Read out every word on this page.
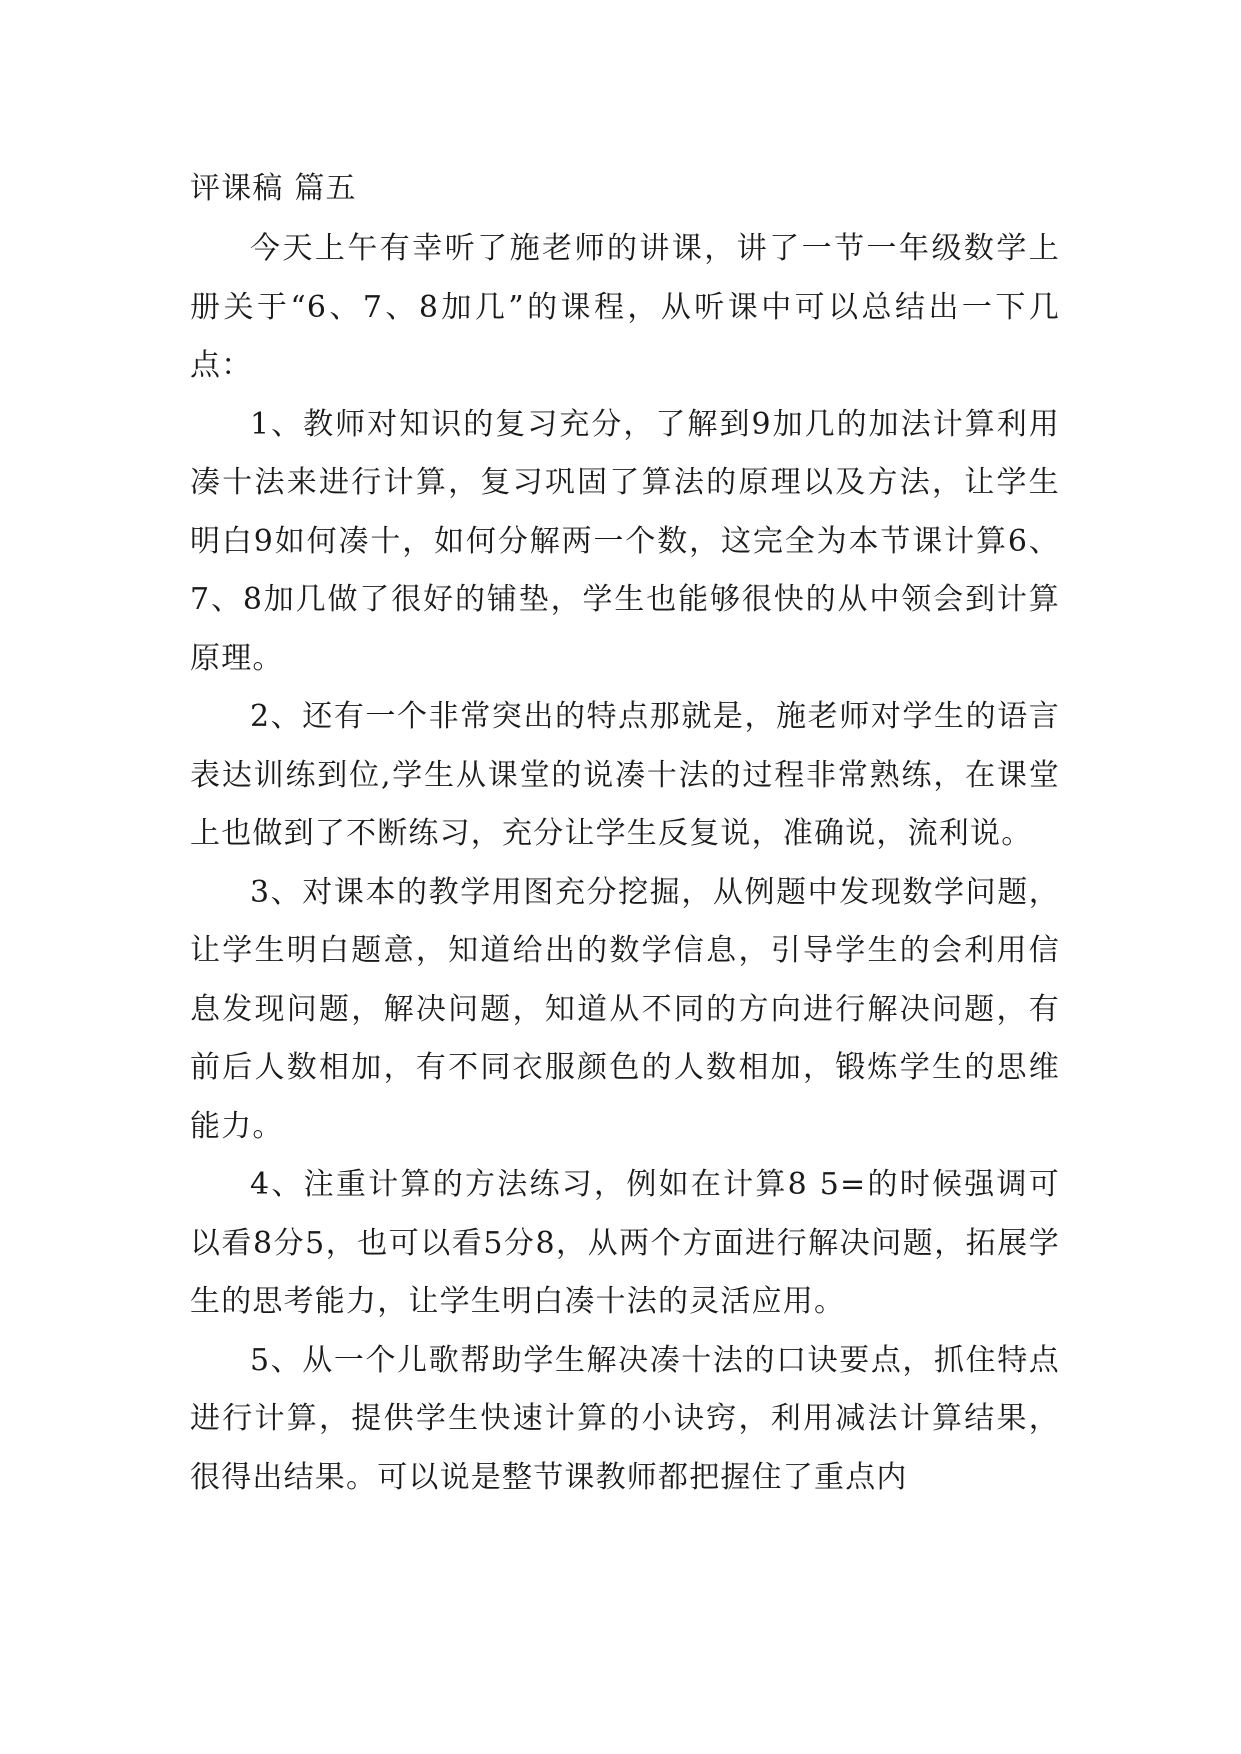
评课稿 篇五

今天上午有幸听了施老师的讲课，讲了一节一年级数学上册关于“6、7、8加几”的课程，从听课中可以总结出一下几点：

1、教师对知识的复习充分，了解到9加几的加法计算利用凑十法来进行计算，复习巩固了算法的原理以及方法，让学生明白9如何凑十，如何分解两一个数，这完全为本节课计算6、7、8加几做了很好的铺垫，学生也能够很快的从中领会到计算原理。

2、还有一个非常突出的特点那就是，施老师对学生的语言表达训练到位,学生从课堂的说凑十法的过程非常熟练，在课堂上也做到了不断练习，充分让学生反复说，准确说，流利说。

3、对课本的教学用图充分挖掘，从例题中发现数学问题，让学生明白题意，知道给出的数学信息，引导学生的会利用信息发现问题，解决问题，知道从不同的方向进行解决问题，有前后人数相加，有不同衣服颜色的人数相加，锻炼学生的思维能力。

4、注重计算的方法练习，例如在计算8 5=的时候强调可以看8分5，也可以看5分8，从两个方面进行解决问题，拓展学生的思考能力，让学生明白凑十法的灵活应用。

5、从一个儿歌帮助学生解决凑十法的口诀要点，抓住特点进行计算，提供学生快速计算的小诀窍，利用减法计算结果，很得出结果。可以说是整节课教师都把握住了重点内
